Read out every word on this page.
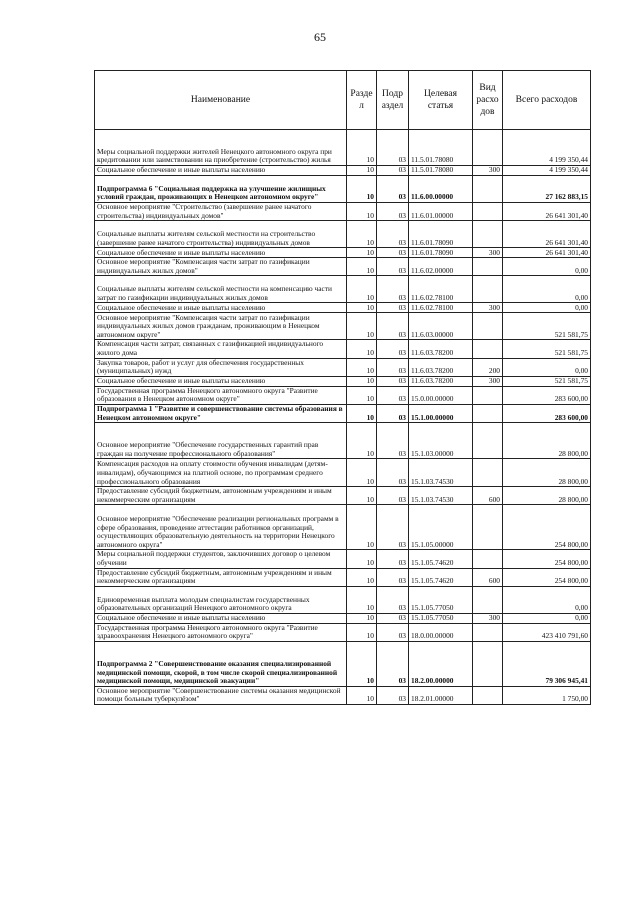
65
Наименование	Разде л	Подр аздел	Целевая статья	Вид расхо дов	Всего расходов
Меры социальной поддержки жителей Ненецкого автономного округа при кредитовании или заимствовании на приобретение (строительство) жилья	10	03	11.5.01.78080		4 199 350,44
Социальное обеспечение и иные выплаты населению	10	03	11.5.01.78080	300	4 199 350,44
Подпрограмма 6 "Социальная поддержка на улучшение жилищных условий граждан, проживающих в Ненецком автономном округе"	10	03	11.6.00.00000		27 162 883,15
Основное мероприятие "Строительство (завершение ранее начатого строительства) индивидуальных домов"	10	03	11.6.01.00000		26 641 301,40
Социальные выплаты жителям сельской местности на строительство (завершение ранее начатого строительства) индивидуальных домов	10	03	11.6.01.78090		26 641 301,40
Социальное обеспечение и иные выплаты населению	10	03	11.6.01.78090	300	26 641 301,40
Основное мероприятие "Компенсация части затрат по газификации индивидуальных жилых домов"	10	03	11.6.02.00000		0,00
Социальные выплаты жителям сельской местности на компенсацию части затрат по газификации индивидуальных жилых домов	10	03	11.6.02.78100		0,00
Социальное обеспечение и иные выплаты населению	10	03	11.6.02.78100	300	0,00
Основное мероприятие "Компенсация части затрат по газификации индивидуальных жилых домов гражданам, проживающим в Ненецком автономном округе"	10	03	11.6.03.00000		521 581,75
Компенсация части затрат, связанных с газификацией индивидуального жилого дома	10	03	11.6.03.78200		521 581,75
Закупка товаров, работ и услуг для обеспечения государственных (муниципальных) нужд	10	03	11.6.03.78200	200	0,00
Социальное обеспечение и иные выплаты населению	10	03	11.6.03.78200	300	521 581,75
Государственная программа Ненецкого автономного округа "Развитие образования в Ненецком автономном округе"	10	03	15.0.00.00000		283 600,00
Подпрограмма 1 "Развитие и совершенствование системы образования в Ненецком автономном округе"	10	03	15.1.00.00000		283 600,00
Основное мероприятие "Обеспечение государственных гарантий прав граждан на получение профессионального образования"	10	03	15.1.03.00000		28 800,00
Компенсация расходов на оплату стоимости обучения инвалидам (детям-инвалидам), обучающимся на платной основе, по программам среднего профессионального образования	10	03	15.1.03.74530		28 800,00
Предоставление субсидий бюджетным, автономным учреждениям и иным некоммерческим организациям	10	03	15.1.03.74530	600	28 800,00
Основное мероприятие "Обеспечение реализации региональных программ в сфере образования, проведение аттестации работников организаций, осуществляющих образовательную деятельность на территории Ненецкого автономного округа"	10	03	15.1.05.00000		254 800,00
Меры социальной поддержки студентов, заключивших договор о целевом обучении	10	03	15.1.05.74620		254 800,00
Предоставление субсидий бюджетным, автономным учреждениям и иным некоммерческим организациям	10	03	15.1.05.74620	600	254 800,00
Единовременная выплата молодым специалистам государственных образовательных организаций Ненецкого автономного округа	10	03	15.1.05.77050		0,00
Социальное обеспечение и иные выплаты населению	10	03	15.1.05.77050	300	0,00
Государственная программа Ненецкого автономного округа "Развитие здравоохранения Ненецкого автономного округа"	10	03	18.0.00.00000		423 410 791,60
Подпрограмма 2 "Совершенствование оказания специализированной медицинской помощи, скорой, в том числе скорой специализированной медицинской помощи, медицинской эвакуации"	10	03	18.2.00.00000		79 306 945,41
Основное мероприятие "Совершенствование системы оказания медицинской помощи больным туберкулёзом"	10	03	18.2.01.00000		1 750,00
